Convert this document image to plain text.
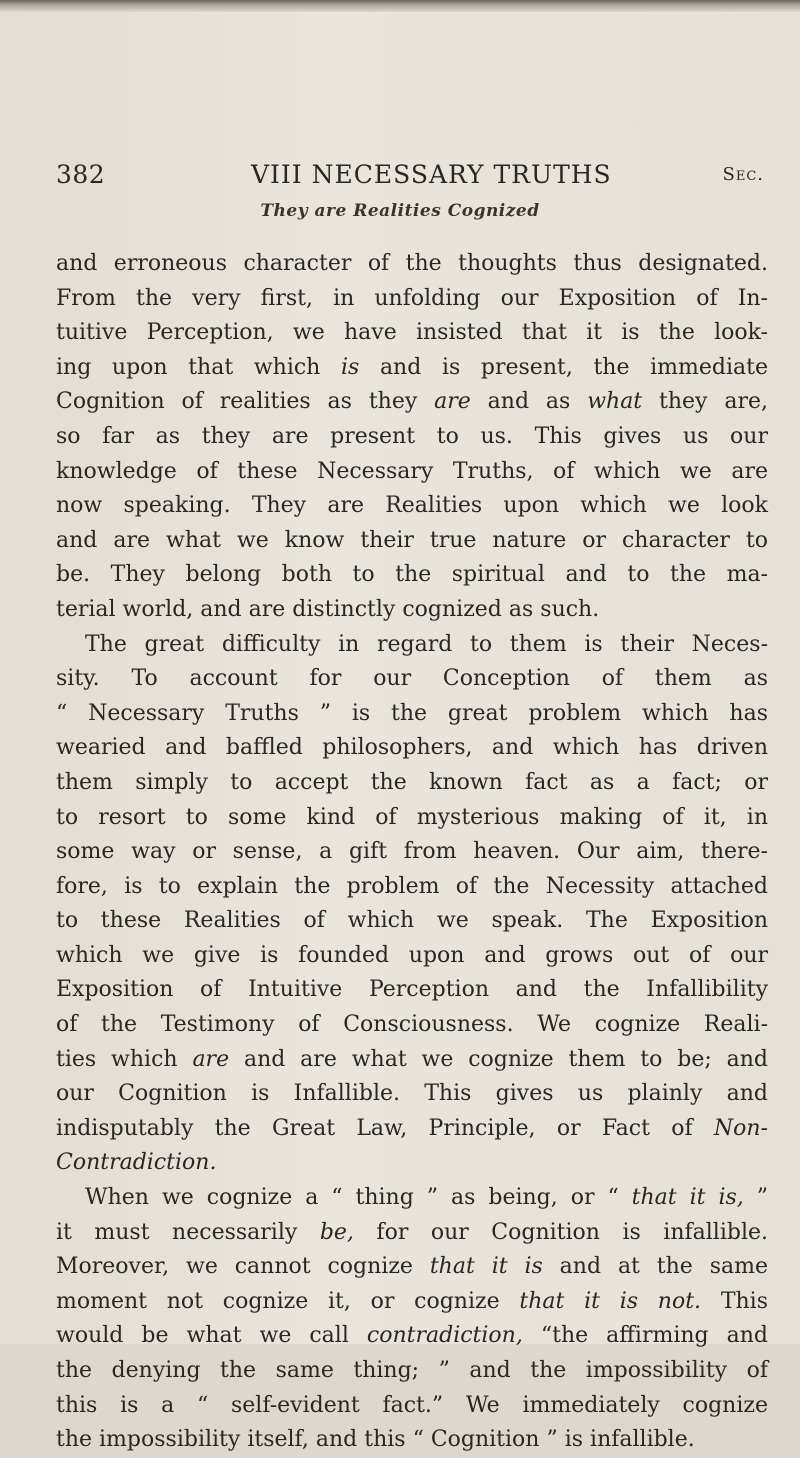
382	VIII NECESSARY TRUTHS	Sec.
They are Realities Cognized
and erroneous character of the thoughts thus designated.
From the very first, in unfolding our Exposition of In-
tuitive Perception, we have insisted that it is the look-
ing upon that which is and is present, the immediate
Cognition of realities as they are and as what they are,
so far as they are present to us. This gives us our
knowledge of these Necessary Truths, of which we are
now speaking. They are Realities upon which we look
and are what we know their true nature or character to
be. They belong both to the spiritual and to the ma-
terial world, and are distinctly cognized as such.
The great difficulty in regard to them is their Neces-
sity. To account for our Conception of them as
“ Necessary Truths ” is the great problem which has
wearied and baffled philosophers, and which has driven
them simply to accept the known fact as a fact; or
to resort to some kind of mysterious making of it, in
some way or sense, a gift from heaven. Our aim, there-
fore, is to explain the problem of the Necessity attached
to these Realities of which we speak. The Exposition
which we give is founded upon and grows out of our
Exposition of Intuitive Perception and the Infallibility
of the Testimony of Consciousness. We cognize Reali-
ties which are and are what we cognize them to be; and
our Cognition is Infallible. This gives us plainly and
indisputably the Great Law, Principle, or Fact of Non-
Contradiction.
When we cognize a “ thing ” as being, or “ that it is, ”
it must necessarily be, for our Cognition is infallible.
Moreover, we cannot cognize that it is and at the same
moment not cognize it, or cognize that it is not. This
would be what we call contradiction, “the affirming and
the denying the same thing; ” and the impossibility of
this is a “ self-evident fact.” We immediately cognize
the impossibility itself, and this “ Cognition ” is infallible.
